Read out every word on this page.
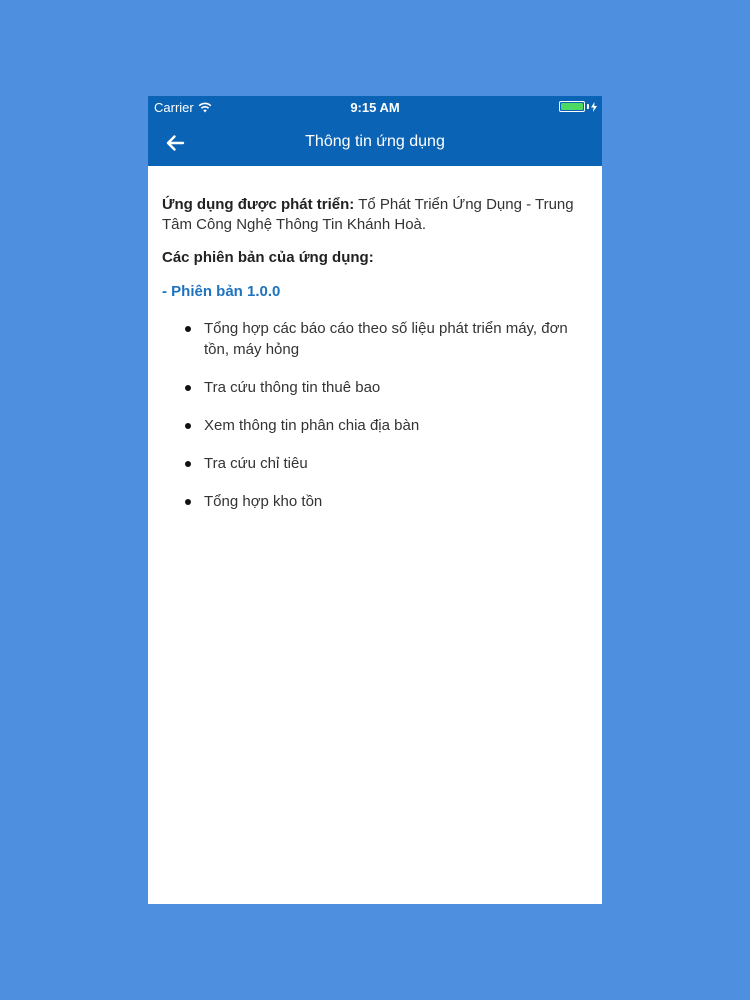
Carrier	9:15 AM
Thông tin ứng dụng

Ứng dụng được phát triển: Tổ Phát Triển Ứng Dụng - Trung Tâm Công Nghệ Thông Tin Khánh Hoà.

Các phiên bản của ứng dụng:

- Phiên bản 1.0.0

Tổng hợp các báo cáo theo số liệu phát triển máy, đơn tồn, máy hỏng
Tra cứu thông tin thuê bao
Xem thông tin phân chia địa bàn
Tra cứu chỉ tiêu
Tổng hợp kho tồn
